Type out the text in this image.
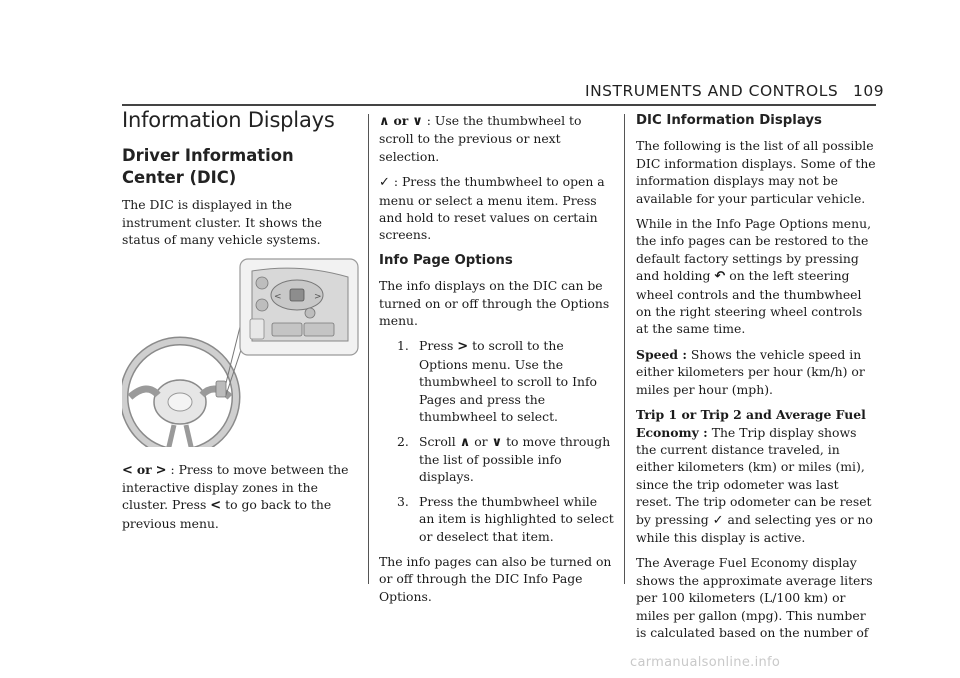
INSTRUMENTS AND CONTROLS 109
Information Displays
Driver Information
Center (DIC)

The DIC is displayed in the instrument cluster. It shows the status of many vehicle systems.

<	>

< or > : Press to move between the interactive display zones in the cluster. Press < to go back to the previous menu.

∧ or ∨ : Use the thumbwheel to scroll to the previous or next selection.

✓ : Press the thumbwheel to open a menu or select a menu item. Press and hold to reset values on certain screens.

Info Page Options

The info displays on the DIC can be turned on or off through the Options menu.

1. Press > to scroll to the Options menu. Use the thumbwheel to scroll to Info Pages and press the thumbwheel to select.
2. Scroll ∧ or ∨ to move through the list of possible info displays.
3. Press the thumbwheel while an item is highlighted to select or deselect that item.

The info pages can also be turned on or off through the DIC Info Page Options.

DIC Information Displays

The following is the list of all possible DIC information displays. Some of the information displays may not be available for your particular vehicle.

While in the Info Page Options menu, the info pages can be restored to the default factory settings by pressing and holding ↶ on the left steering wheel controls and the thumbwheel on the right steering wheel controls at the same time.

Speed : Shows the vehicle speed in either kilometers per hour (km/h) or miles per hour (mph).

Trip 1 or Trip 2 and Average Fuel Economy : The Trip display shows the current distance traveled, in either kilometers (km) or miles (mi), since the trip odometer was last reset. The trip odometer can be reset by pressing ✓ and selecting yes or no while this display is active.

The Average Fuel Economy display shows the approximate average liters per 100 kilometers (L/100 km) or miles per gallon (mpg). This number is calculated based on the number of

carmanualsonline.info
